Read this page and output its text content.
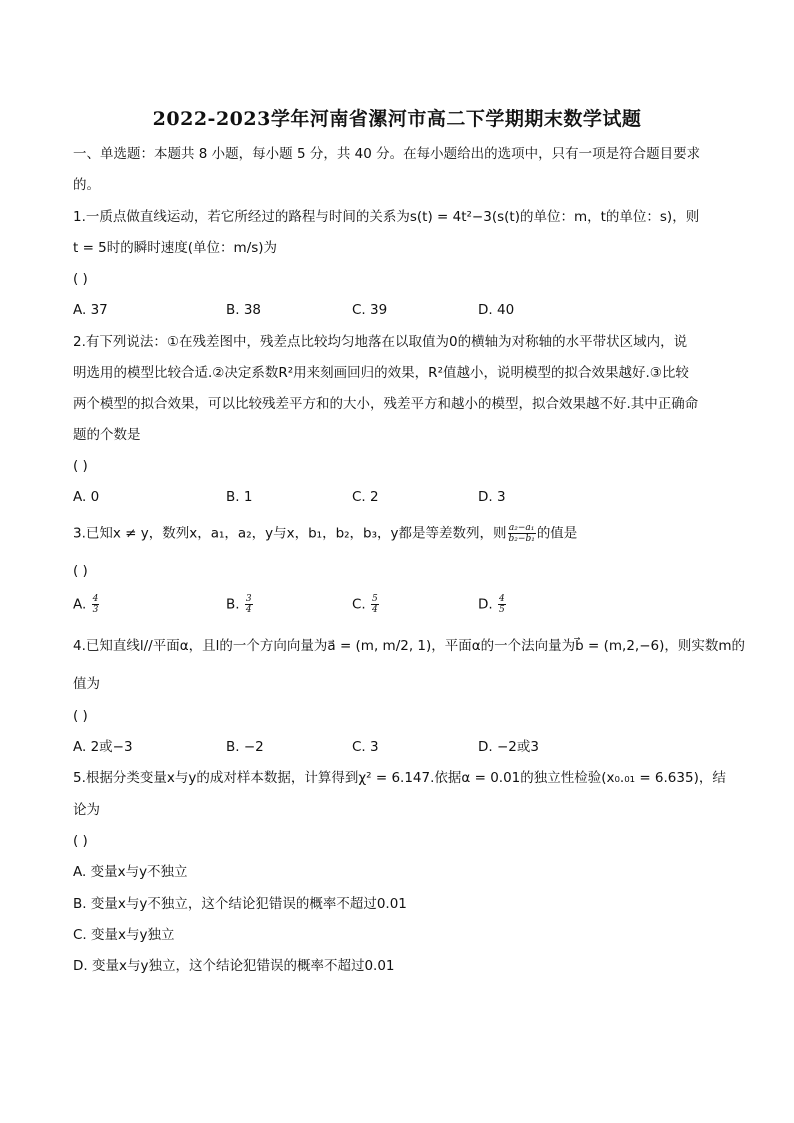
2022-2023学年河南省漯河市高二下学期期末数学试题
一、单选题：本题共 8 小题，每小题 5 分，共 40 分。在每小题给出的选项中，只有一项是符合题目要求
的。
1.一质点做直线运动，若它所经过的路程与时间的关系为s(t) = 4t²−3(s(t)的单位：m，t的单位：s)，则
t = 5时的瞬时速度(单位：m/s)为
( )
A. 37	B. 38	C. 39	D. 40
2.有下列说法：①在残差图中，残差点比较均匀地落在以取值为0的横轴为对称轴的水平带状区域内，说
明选用的模型比较合适.②决定系数R²用来刻画回归的效果，R²值越小，说明模型的拟合效果越好.③比较
两个模型的拟合效果，可以比较残差平方和的大小，残差平方和越小的模型，拟合效果越不好.其中正确命
题的个数是
( )
A. 0	B. 1	C. 2	D. 3
3.已知x ≠ y，数列x，a₁，a₂，y与x，b₁，b₂，b₃，y都是等差数列，则 $\frac{\text{a₂−a₁}}{\text{b₂−b₁}}$ 的值是
( )
A. $\frac{4}{3}$	B. $\frac{3}{4}$	C. $\frac{5}{4}$	D. $\frac{4}{5}$
4.已知直线l//平面α，且l的一个方向向量为a⃗ = (m, m/2, 1)，平面α的一个法向量为b⃗ = (m,2,−6)，则实数m的
值为
( )
A. 2或−3	B. −2	C. 3	D. −2或3
5.根据分类变量x与y的成对样本数据，计算得到χ² = 6.147.依据α = 0.01的独立性检验(x₀.₀₁ = 6.635)，结
论为
( )
A. 变量x与y不独立
B. 变量x与y不独立，这个结论犯错误的概率不超过0.01
C. 变量x与y独立
D. 变量x与y独立，这个结论犯错误的概率不超过0.01
